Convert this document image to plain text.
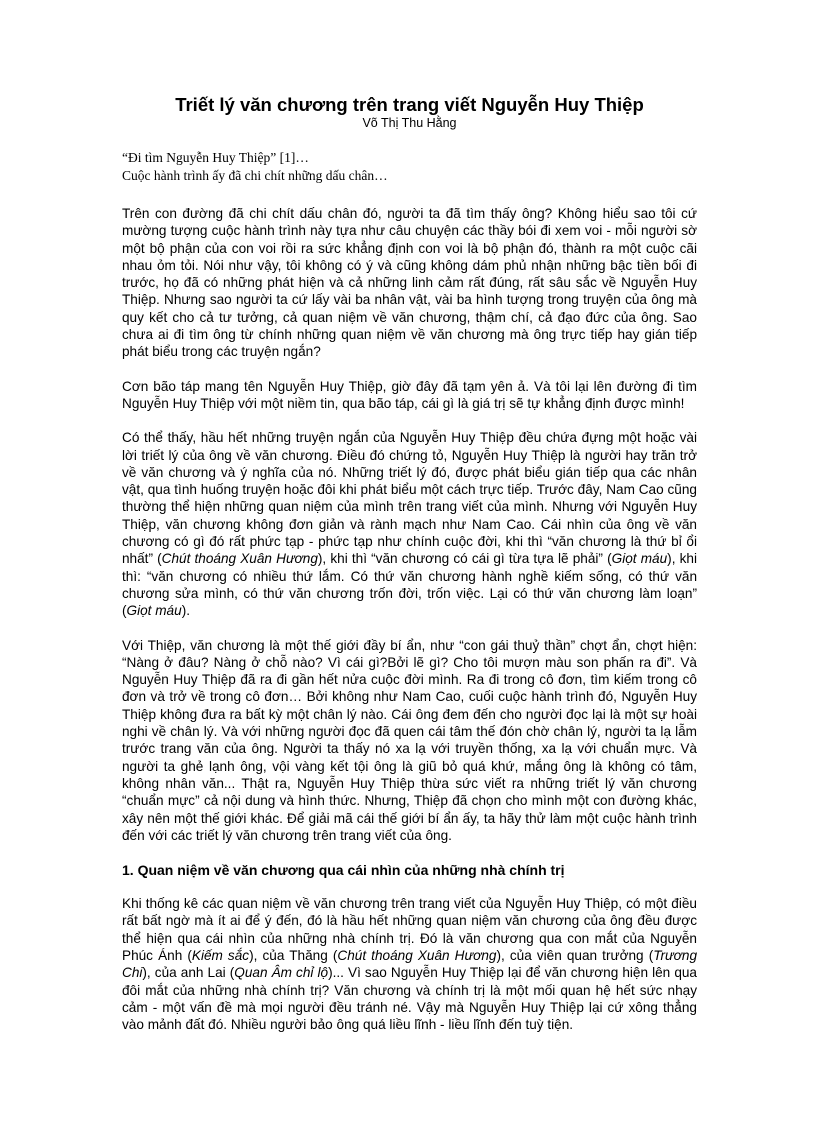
Triết lý văn chương trên trang viết Nguyễn Huy Thiệp
Võ Thị Thu Hằng
“Đi tìm Nguyễn Huy Thiệp” [1]…
Cuộc hành trình ấy đã chi chít những dấu chân…

Trên con đường đã chi chít dấu chân đó, người ta đã tìm thấy ông? Không hiểu sao tôi cứ mường tượng cuộc hành trình này tựa như câu chuyện các thầy bói đi xem voi - mỗi người sờ một bộ phận của con voi rồi ra sức khẳng định con voi là bộ phận đó, thành ra một cuộc cãi nhau ỏm tỏi. Nói như vậy, tôi không có ý và cũng không dám phủ nhận những bậc tiền bối đi trước, họ đã có những phát hiện và cả những linh cảm rất đúng, rất sâu sắc về Nguyễn Huy Thiệp. Nhưng sao người ta cứ lấy vài ba nhân vật, vài ba hình tượng trong truyện của ông mà quy kết cho cả tư tưởng, cả quan niệm về văn chương, thậm chí, cả đạo đức của ông. Sao chưa ai đi tìm ông từ chính những quan niệm về văn chương mà ông trực tiếp hay gián tiếp phát biểu trong các truyện ngắn?

Cơn bão táp mang tên Nguyễn Huy Thiệp, giờ đây đã tạm yên ả. Và tôi lại lên đường đi tìm Nguyễn Huy Thiệp với một niềm tin, qua bão táp, cái gì là giá trị sẽ tự khẳng định được mình!

Có thể thấy, hầu hết những truyện ngắn của Nguyễn Huy Thiệp đều chứa đựng một hoặc vài lời triết lý của ông về văn chương. Điều đó chứng tỏ, Nguyễn Huy Thiệp là người hay trăn trở về văn chương và ý nghĩa của nó. Những triết lý đó, được phát biểu gián tiếp qua các nhân vật, qua tình huống truyện hoặc đôi khi phát biểu một cách trực tiếp. Trước đây, Nam Cao cũng thường thể hiện những quan niệm của mình trên trang viết của mình. Nhưng với Nguyễn Huy Thiệp, văn chương không đơn giản và rành mạch như Nam Cao. Cái nhìn của ông về văn chương có gì đó rất phức tạp - phức tạp như chính cuộc đời, khi thì “văn chương là thứ bỉ ổi nhất” (Chút thoáng Xuân Hương), khi thì “văn chương có cái gì từa tựa lẽ phải” (Giọt máu), khi thì: “văn chương có nhiều thứ lắm. Có thứ văn chương hành nghề kiếm sống, có thứ văn chương sửa mình, có thứ văn chương trốn đời, trốn việc. Lại có thứ văn chương làm loạn” (Giọt máu).

Với Thiệp, văn chương là một thế giới đầy bí ẩn, như “con gái thuỷ thần” chợt ẩn, chợt hiện: “Nàng ở đâu? Nàng ở chỗ nào? Vì cái gì?Bởi lẽ gì? Cho tôi mượn màu son phấn ra đi”. Và Nguyễn Huy Thiệp đã ra đi gần hết nửa cuộc đời mình. Ra đi trong cô đơn, tìm kiếm trong cô đơn và trở về trong cô đơn… Bởi không như Nam Cao, cuối cuộc hành trình đó, Nguyễn Huy Thiệp không đưa ra bất kỳ một chân lý nào. Cái ông đem đến cho người đọc lại là một sự hoài nghi về chân lý. Và với những người đọc đã quen cái tâm thế đón chờ chân lý, người ta lạ lẫm trước trang văn của ông. Người ta thấy nó xa lạ với truyền thống, xa lạ với chuẩn mực. Và người ta ghẻ lạnh ông, vội vàng kết tội ông là giũ bỏ quá khứ, mắng ông là không có tâm, không nhân văn... Thật ra, Nguyễn Huy Thiệp thừa sức viết ra những triết lý văn chương “chuẩn mực” cả nội dung và hình thức. Nhưng, Thiệp đã chọn cho mình một con đường khác, xây nên một thế giới khác. Để giải mã cái thế giới bí ẩn ấy, ta hãy thử làm một cuộc hành trình đến với các triết lý văn chương trên trang viết của ông.

1. Quan niệm về văn chương qua cái nhìn của những nhà chính trị

Khi thống kê các quan niệm về văn chương trên trang viết của Nguyễn Huy Thiệp, có một điều rất bất ngờ mà ít ai để ý đến, đó là hầu hết những quan niệm văn chương của ông đều được thể hiện qua cái nhìn của những nhà chính trị. Đó là văn chương qua con mắt của Nguyễn Phúc Ánh (Kiếm sắc), của Thăng (Chút thoáng Xuân Hương), của viên quan trưởng (Trương Chi), của anh Lai (Quan Âm chỉ lộ)... Vì sao Nguyễn Huy Thiệp lại để văn chương hiện lên qua đôi mắt của những nhà chính trị? Văn chương và chính trị là một mối quan hệ hết sức nhạy cảm - một vấn đề mà mọi người đều tránh né. Vậy mà Nguyễn Huy Thiệp lại cứ xông thẳng vào mảnh đất đó. Nhiều người bảo ông quá liều lĩnh - liều lĩnh đến tuỳ tiện.
